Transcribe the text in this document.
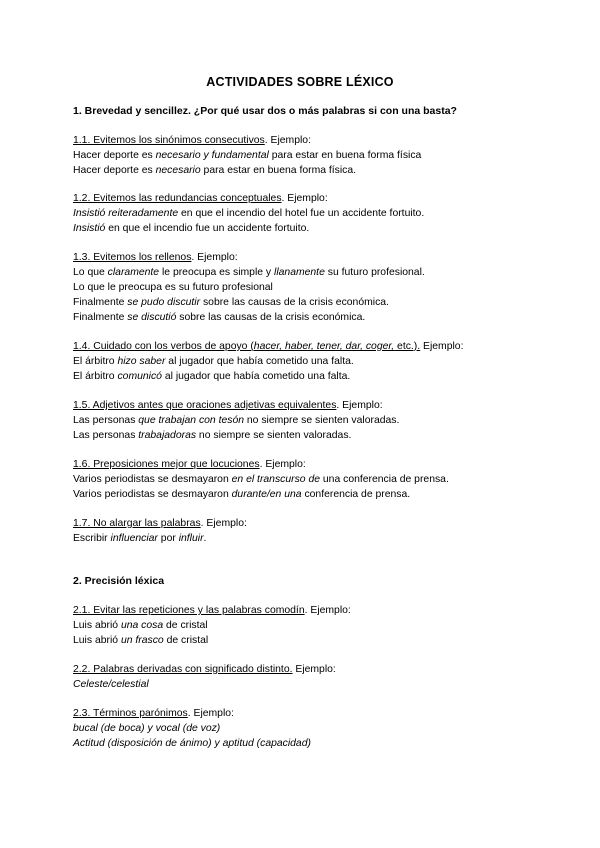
ACTIVIDADES SOBRE LÉXICO
1. Brevedad y sencillez. ¿Por qué usar dos o más palabras si con una basta?
1.1. Evitemos los sinónimos consecutivos. Ejemplo:
Hacer deporte es necesario y fundamental para estar en buena forma física
Hacer deporte es necesario para estar en buena forma física.
1.2. Evitemos las redundancias conceptuales. Ejemplo:
Insistió reiteradamente en que el incendio del hotel fue un accidente fortuito.
Insistió en que el incendio fue un accidente fortuito.
1.3. Evitemos los rellenos. Ejemplo:
Lo que claramente le preocupa es simple y llanamente su futuro profesional.
Lo que le preocupa es su futuro profesional
Finalmente se pudo discutir sobre las causas de la crisis económica.
Finalmente se discutió sobre las causas de la crisis económica.
1.4. Cuidado con los verbos de apoyo (hacer, haber, tener, dar, coger, etc.). Ejemplo:
El árbitro hizo saber al jugador que había cometido una falta.
El árbitro comunicó al jugador que había cometido una falta.
1.5. Adjetivos antes que oraciones adjetivas equivalentes. Ejemplo:
Las personas que trabajan con tesón no siempre se sienten valoradas.
Las personas trabajadoras no siempre se sienten valoradas.
1.6. Preposiciones mejor que locuciones. Ejemplo:
Varios periodistas se desmayaron en el transcurso de una conferencia de prensa.
Varios periodistas se desmayaron durante/en una conferencia de prensa.
1.7. No alargar las palabras. Ejemplo:
Escribir influenciar por influir.
2. Precisión léxica
2.1. Evitar las repeticiones y las palabras comodín. Ejemplo:
Luis abrió una cosa de cristal
Luis abrió un frasco de cristal
2.2. Palabras derivadas con significado distinto. Ejemplo:
Celeste/celestial
2.3. Términos parónimos. Ejemplo:
bucal (de boca) y vocal (de voz)
Actitud (disposición de ánimo) y aptitud (capacidad)
